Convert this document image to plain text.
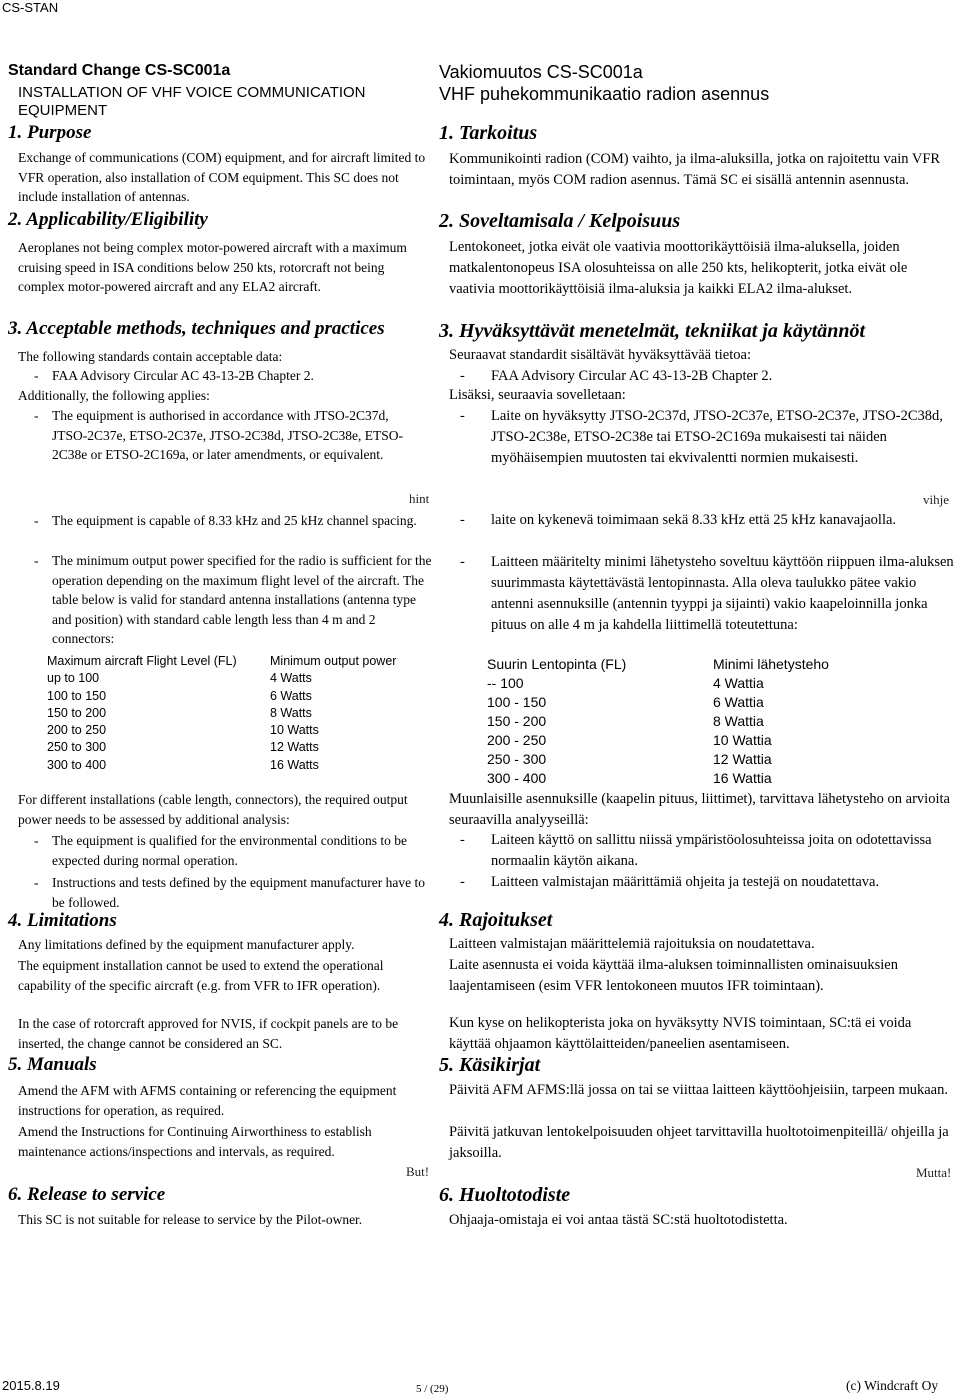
CS-STAN
Standard Change CS-SC001a
INSTALLATION OF VHF VOICE COMMUNICATION EQUIPMENT
1. Purpose
Exchange of communications (COM) equipment, and for aircraft limited to VFR operation, also installation of COM equipment. This SC does not include installation of antennas.
2. Applicability/Eligibility
Aeroplanes not being complex motor-powered aircraft with a maximum cruising speed in ISA conditions below 250 kts, rotorcraft not being complex motor-powered aircraft and any ELA2 aircraft.
3. Acceptable methods, techniques and practices
The following standards contain acceptable data:
- FAA Advisory Circular AC 43-13-2B Chapter 2.
Additionally, the following applies:
- The equipment is authorised in accordance with JTSO-2C37d, JTSO-2C37e, ETSO-2C37e, JTSO-2C38d, JTSO-2C38e, ETSO-2C38e or ETSO-2C169a, or later amendments, or equivalent.
hint
- The equipment is capable of 8.33 kHz and 25 kHz channel spacing.
- The minimum output power specified for the radio is sufficient for the operation depending on the maximum flight level of the aircraft. The table below is valid for standard antenna installations (antenna type and position) with standard cable length less than 4 m and 2 connectors:
Maximum aircraft Flight Level (FL)	Minimum output power
up to 100	4 Watts
100 to 150	6 Watts
150 to 200	8 Watts
200 to 250	10 Watts
250 to 300	12 Watts
300 to 400	16 Watts
For different installations (cable length, connectors), the required output power needs to be assessed by additional analysis:
- The equipment is qualified for the environmental conditions to be expected during normal operation.
- Instructions and tests defined by the equipment manufacturer have to be followed.
4. Limitations
Any limitations defined by the equipment manufacturer apply.
The equipment installation cannot be used to extend the operational capability of the specific aircraft (e.g. from VFR to IFR operation).
In the case of rotorcraft approved for NVIS, if cockpit panels are to be inserted, the change cannot be considered an SC.
5. Manuals
Amend the AFM with AFMS containing or referencing the equipment instructions for operation, as required.
Amend the Instructions for Continuing Airworthiness to establish maintenance actions/inspections and intervals, as required.
But!
6. Release to service
This SC is not suitable for release to service by the Pilot-owner.
Vakiomuutos CS-SC001a
VHF puhekommunikaatio radion asennus
1. Tarkoitus
Kommunikointi radion (COM) vaihto, ja ilma-aluksilla, jotka on rajoitettu vain VFR toimintaan, myös COM radion asennus. Tämä SC ei sisällä antennin asennusta.
2. Soveltamisala / Kelpoisuus
Lentokoneet, jotka eivät ole vaativia moottorikäyttöisiä ilma-aluksella, joiden matkalentonopeus ISA olosuhteissa on alle 250 kts, helikopterit, jotka eivät ole vaativia moottorikäyttöisiä ilma-aluksia ja kaikki ELA2 ilma-alukset.
3. Hyväksyttävät menetelmät, tekniikat ja käytännöt
Seuraavat standardit sisältävät hyväksyttävää tietoa:
- FAA Advisory Circular AC 43-13-2B Chapter 2.
Lisäksi, seuraavia sovelletaan:
- Laite on hyväksytty JTSO-2C37d, JTSO-2C37e, ETSO-2C37e, JTSO-2C38d, JTSO-2C38e, ETSO-2C38e tai ETSO-2C169a mukaisesti tai näiden myöhäisempien muutosten tai ekvivalentti normien mukaisesti.
vihje
- laite on kykenevä toimimaan sekä 8.33 kHz että 25 kHz kanavajaolla.
- Laitteen määritelty minimi lähetysteho soveltuu käyttöön riippuen ilma-aluksen suurimmasta käytettävästä lentopinnasta. Alla oleva taulukko pätee vakio antenni asennuksille (antennin tyyppi ja sijainti) vakio kaapeloinnilla jonka pituus on alle 4 m ja kahdella liittimellä toteutettuna:
Suurin Lentopinta (FL)	Minimi lähetysteho
-- 100	4 Wattia
100 - 150	6 Wattia
150 - 200	8 Wattia
200 - 250	10 Wattia
250 - 300	12 Wattia
300 - 400	16 Wattia
Muunlaisille asennuksille (kaapelin pituus, liittimet), tarvittava lähetysteho on arvioita seuraavilla analyyseillä:
- Laiteen käyttö on sallittu niissä ympäristöolosuhteissa joita on odotettavissa normaalin käytön aikana.
- Laitteen valmistajan määrittämiä ohjeita ja testejä on noudatettava.
4. Rajoitukset
Laitteen valmistajan määrittelemiä rajoituksia on noudatettava.
Laite asennusta ei voida käyttää ilma-aluksen toiminnallisten ominaisuuksien laajentamiseen (esim VFR lentokoneen muutos IFR toimintaan).
Kun kyse on helikopterista joka on hyväksytty NVIS toimintaan, SC:tä ei voida käyttää ohjaamon käyttölaitteiden/paneelien asentamiseen.
5. Käsikirjat
Päivitä AFM AFMS:llä jossa on tai se viittaa laitteen käyttöohjeisiin, tarpeen mukaan.
Päivitä jatkuvan lentokelpoisuuden ohjeet tarvittavilla huoltotoimenpiteillä/ ohjeilla ja jaksoilla.
Mutta!
6. Huoltotodiste
Ohjaaja-omistaja ei voi antaa tästä SC:stä huoltotodistetta.
2015.8.19	5 / (29)	(c) Windcraft Oy
